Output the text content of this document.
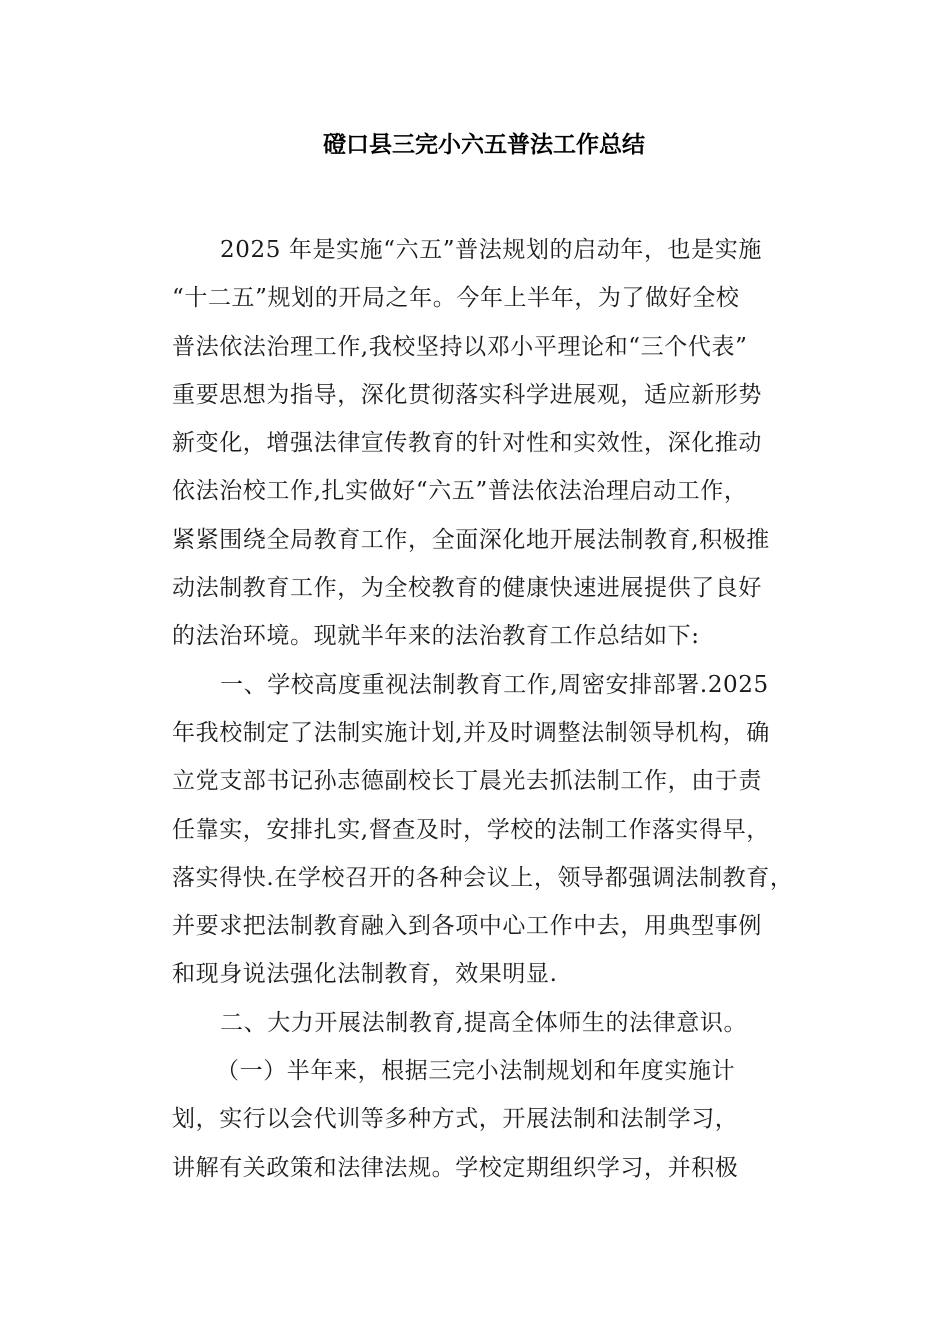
磴口县三完小六五普法工作总结
2025 年是实施“六五”普法规划的启动年，也是实施
“十二五”规划的开局之年。今年上半年，为了做好全校
普法依法治理工作,我校坚持以邓小平理论和“三个代表”
重要思想为指导，深化贯彻落实科学进展观，适应新形势
新变化，增强法律宣传教育的针对性和实效性，深化推动
依法治校工作,扎实做好“六五”普法依法治理启动工作，
紧紧围绕全局教育工作，全面深化地开展法制教育,积极推
动法制教育工作，为全校教育的健康快速进展提供了良好
的法治环境。现就半年来的法治教育工作总结如下:
一、学校高度重视法制教育工作,周密安排部署.2025
年我校制定了法制实施计划,并及时调整法制领导机构，确
立党支部书记孙志德副校长丁晨光去抓法制工作，由于责
任靠实，安排扎实,督查及时，学校的法制工作落实得早，
落实得快.在学校召开的各种会议上，领导都强调法制教育，
并要求把法制教育融入到各项中心工作中去，用典型事例
和现身说法强化法制教育，效果明显.
二、大力开展法制教育,提高全体师生的法律意识。
（一）半年来，根据三完小法制规划和年度实施计
划，实行以会代训等多种方式，开展法制和法制学习，
讲解有关政策和法律法规。学校定期组织学习，并积极
